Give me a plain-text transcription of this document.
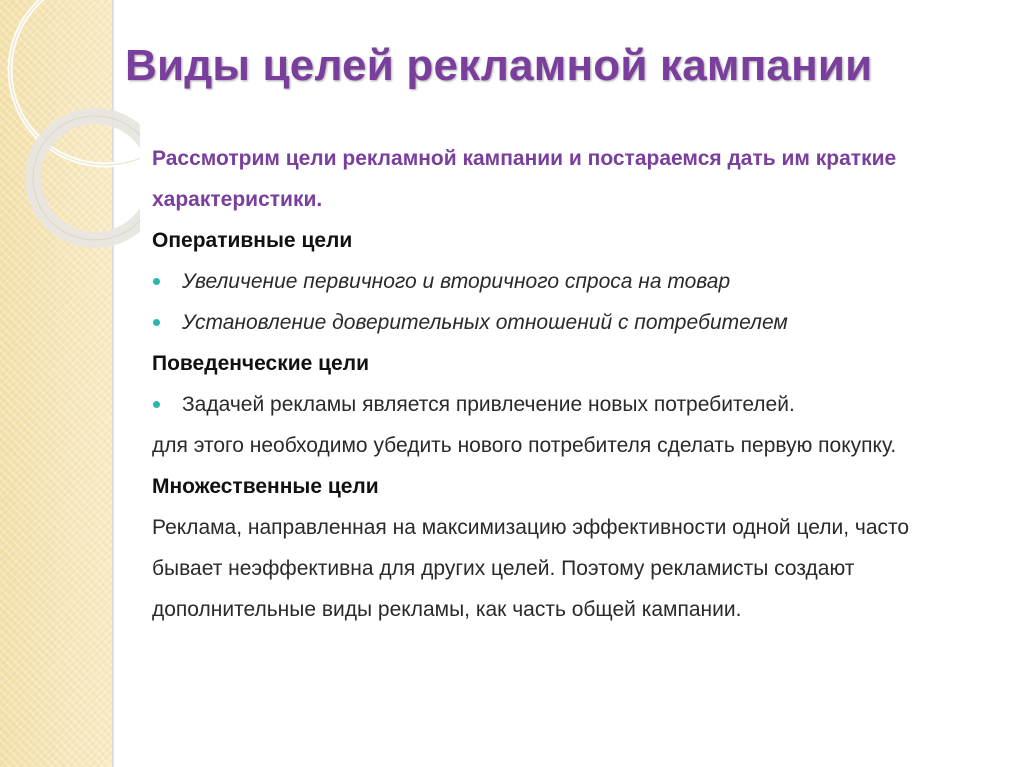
Виды целей рекламной кампании
Рассмотрим цели рекламной кампании и постараемся дать им краткие характеристики.
Оперативные цели
Увеличение первичного и вторичного спроса на товар
Установление доверительных отношений с потребителем
Поведенческие цели
Задачей рекламы является привлечение новых потребителей.
для этого необходимо убедить нового потребителя сделать первую покупку.
Множественные цели
Реклама, направленная на максимизацию эффективности одной цели, часто бывает неэффективна для других целей. Поэтому рекламисты создают дополнительные виды рекламы, как часть общей кампании.
